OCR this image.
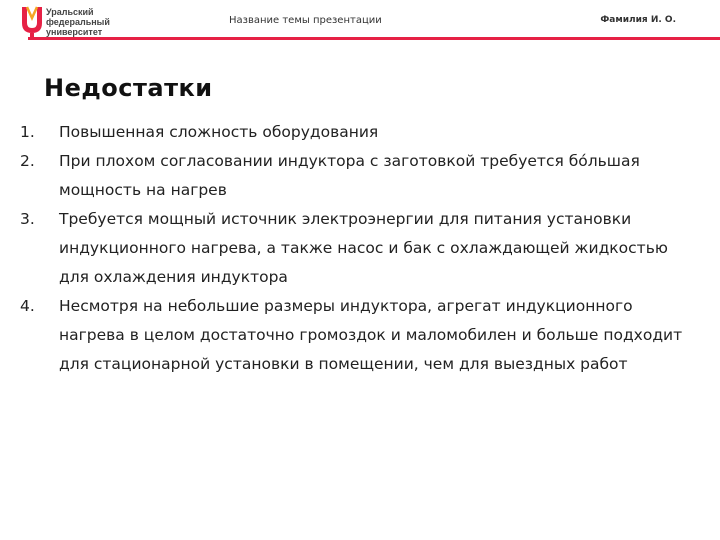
Уральский
федеральный
университет
Название темы презентации	Фамилия И. О.
Недостатки
1.	Повышенная сложность оборудования
2.	При плохом согласовании индуктора с заготовкой требуется бо́льшая мощность на нагрев
3.	Требуется мощный источник электроэнергии для питания установки индукционного нагрева, а также насос и бак с охлаждающей жидкостью для охлаждения индуктора
4.	Несмотря на небольшие размеры индуктора, агрегат индукционного нагрева в целом достаточно громоздок и маломобилен и больше подходит для стационарной установки в помещении, чем для выездных работ
